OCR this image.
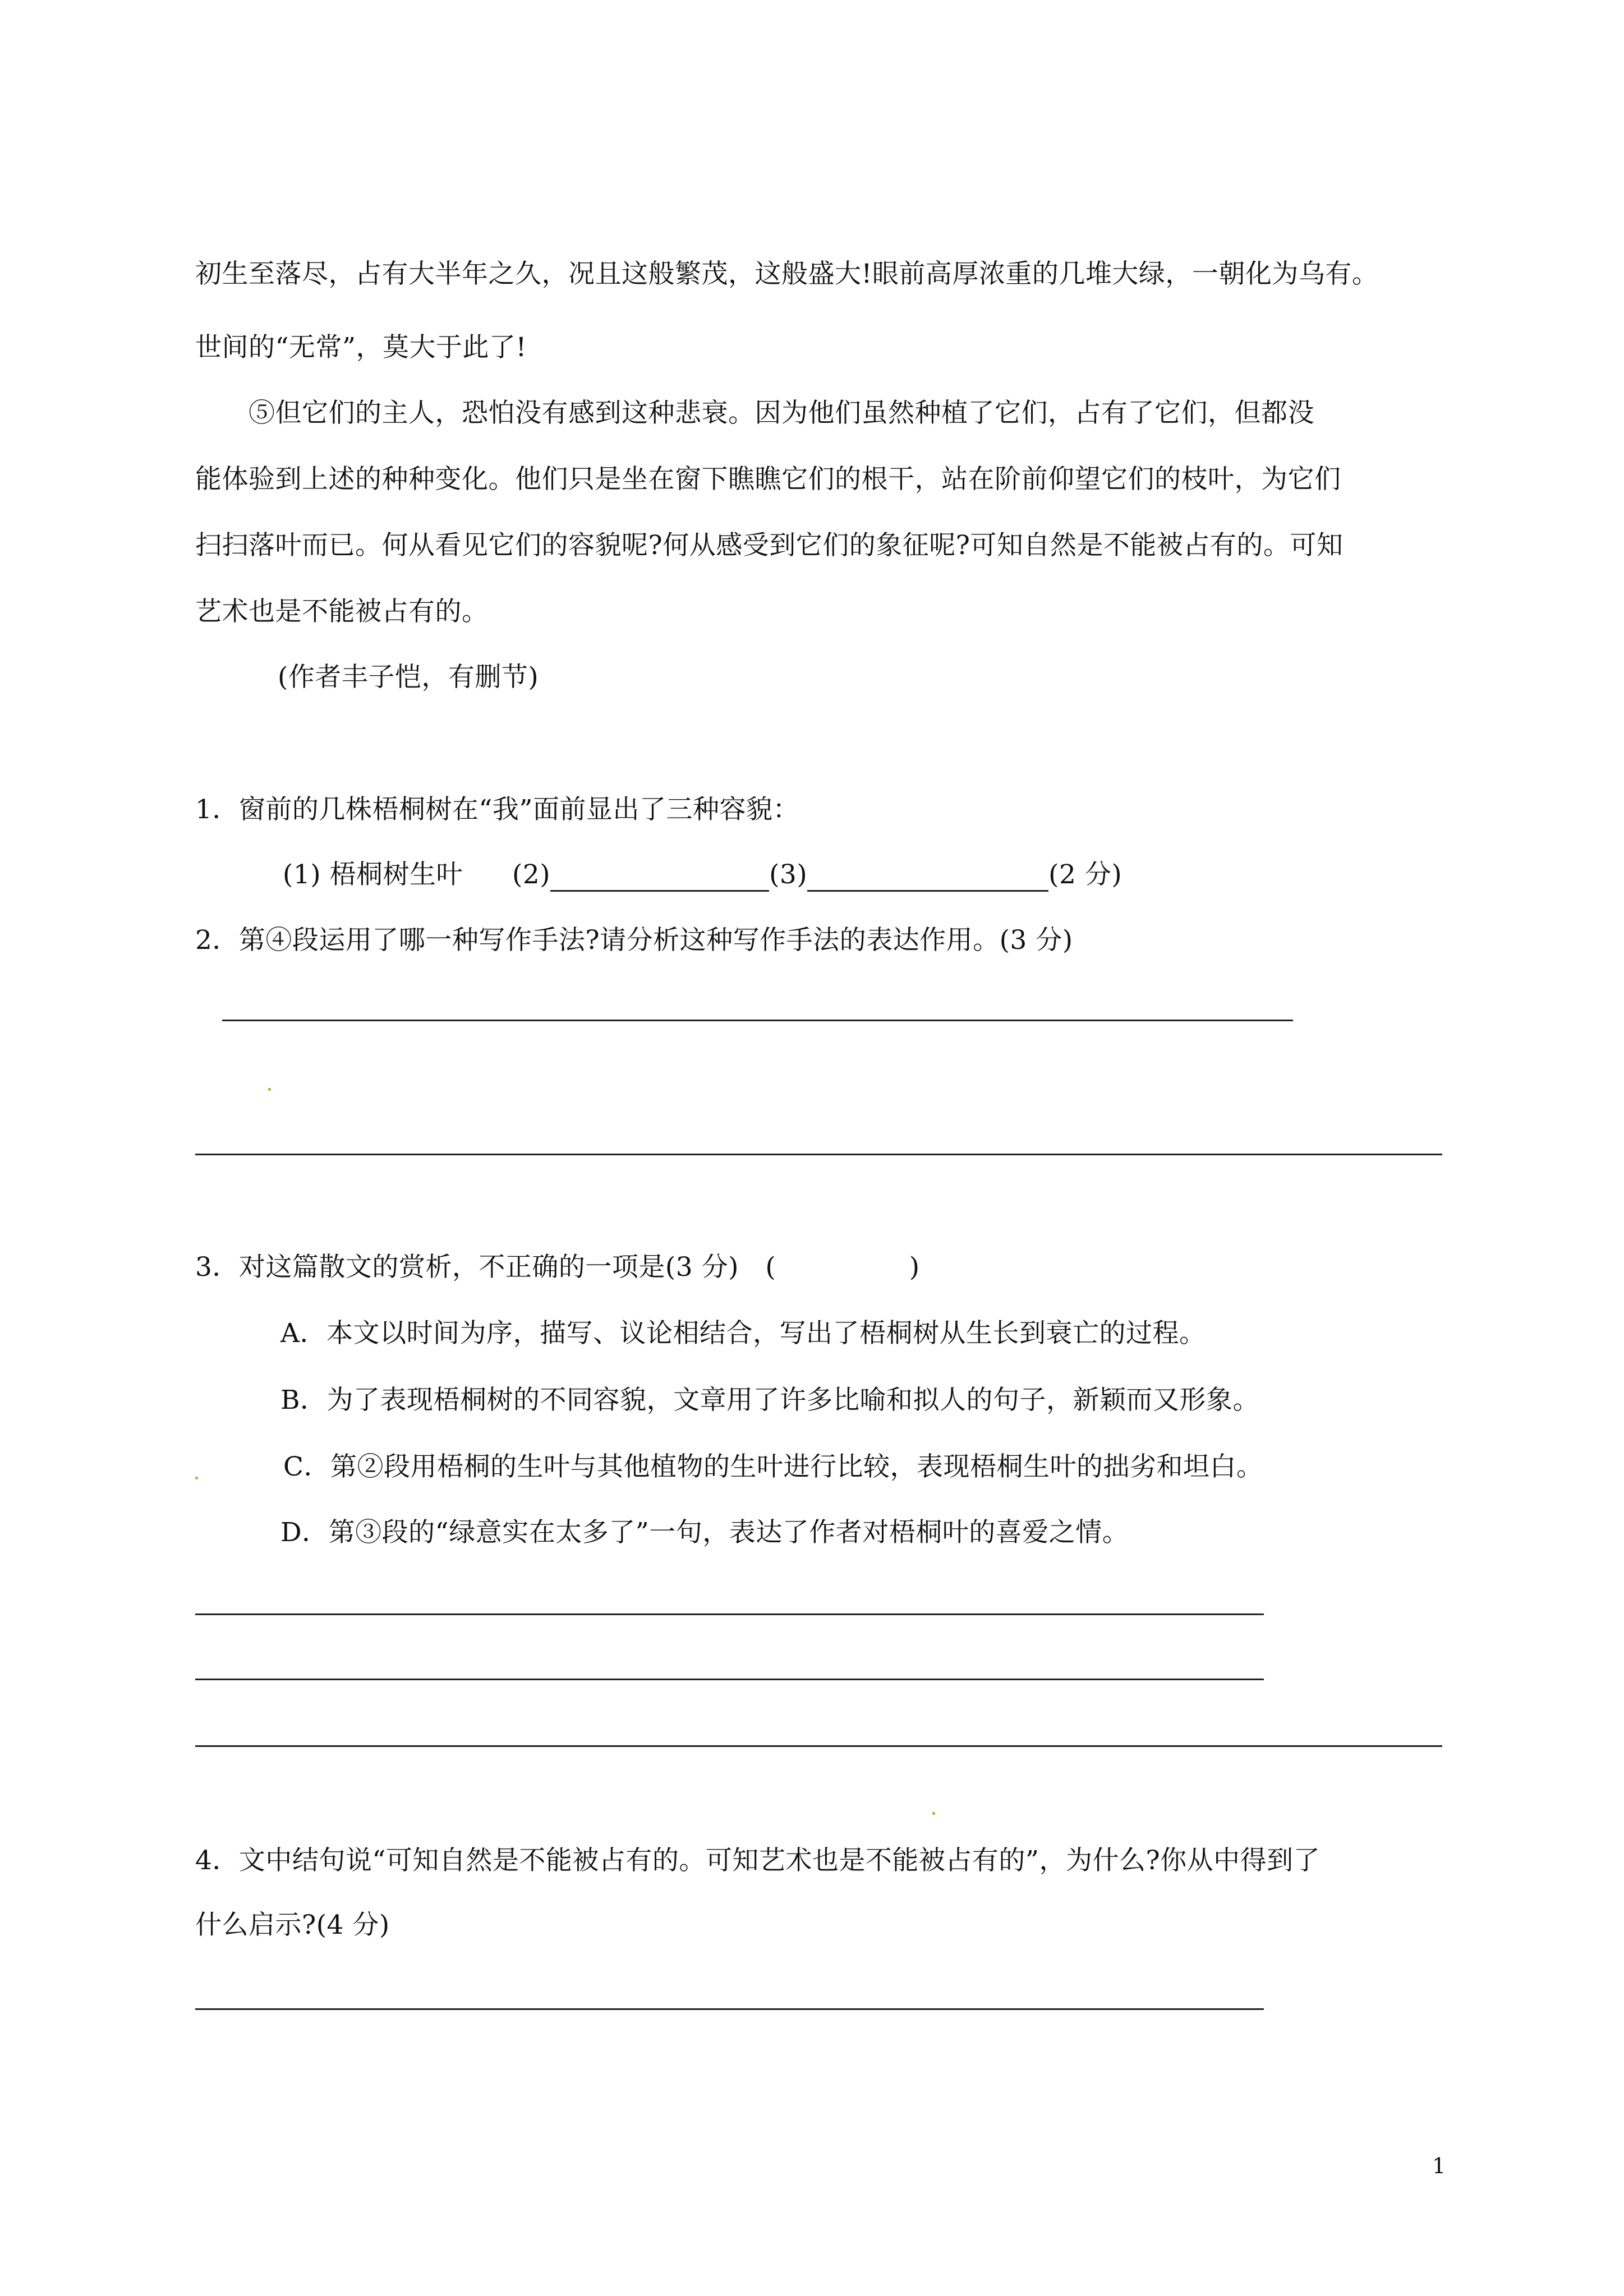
初生至落尽，占有大半年之久，况且这般繁茂，这般盛大!眼前高厚浓重的几堆大绿，一朝化为乌有。
世间的“无常”，莫大于此了!
⑤但它们的主人，恐怕没有感到这种悲衰。因为他们虽然种植了它们，占有了它们，但都没
能体验到上述的种种变化。他们只是坐在窗下瞧瞧它们的根干，站在阶前仰望它们的枝叶，为它们
扫扫落叶而已。何从看见它们的容貌呢?何从感受到它们的象征呢?可知自然是不能被占有的。可知
艺术也是不能被占有的。
(作者丰子恺，有删节)
1．窗前的几株梧桐树在“我”面前显出了三种容貌：
(1) 梧桐树生叶 (2)	(3)	(2 分)
2．第④段运用了哪一种写作手法?请分析这种写作手法的表达作用。(3 分)
3．对这篇散文的赏析，不正确的一项是(3 分)　(　　　　　)
A．本文以时间为序，描写、议论相结合，写出了梧桐树从生长到衰亡的过程。
B．为了表现梧桐树的不同容貌，文章用了许多比喻和拟人的句子，新颖而又形象。
C．第②段用梧桐的生叶与其他植物的生叶进行比较，表现梧桐生叶的拙劣和坦白。
D．第③段的“绿意实在太多了”一句，表达了作者对梧桐叶的喜爱之情。
4．文中结句说“可知自然是不能被占有的。可知艺术也是不能被占有的”，为什么?你从中得到了
什么启示?(4 分)
1
